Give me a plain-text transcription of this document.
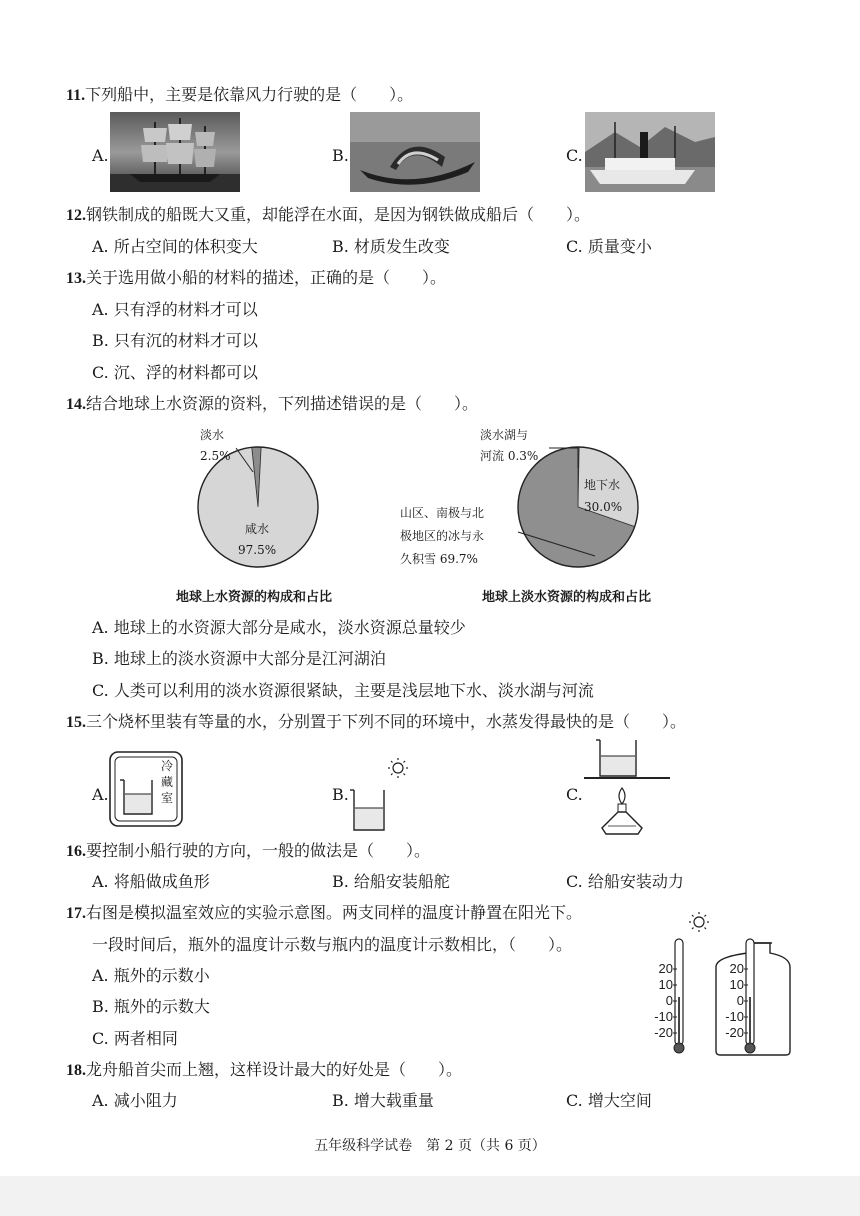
11.下列船中，主要是依靠风力行驶的是（　　）。
A.	B.	C.
12.钢铁制成的船既大又重，却能浮在水面，是因为钢铁做成船后（　　）。
A. 所占空间的体积变大	B. 材质发生改变	C. 质量变小
13.关于选用做小船的材料的描述，正确的是（　　）。
A. 只有浮的材料才可以
B. 只有沉的材料才可以
C. 沉、浮的材料都可以
14.结合地球上水资源的资料，下列描述错误的是（　　）。
淡水
2.5%
咸水
97.5%
淡水湖与
河流 0.3%
地下水
30.0%
山区、南极与北
极地区的冰与永
久积雪 69.7%
地球上水资源的构成和占比	地球上淡水资源的构成和占比
A. 地球上的水资源大部分是咸水，淡水资源总量较少
B. 地球上的淡水资源中大部分是江河湖泊
C. 人类可以利用的淡水资源很紧缺，主要是浅层地下水、淡水湖与河流
15.三个烧杯里装有等量的水，分别置于下列不同的环境中，水蒸发得最快的是（　　）。
A.
冷
藏
室	B.	C.
16.要控制小船行驶的方向，一般的做法是（　　）。
A. 将船做成鱼形	B. 给船安装船舵	C. 给船安装动力
17.右图是模拟温室效应的实验示意图。两支同样的温度计静置在阳光下。
一段时间后，瓶外的温度计示数与瓶内的温度计示数相比，（　　）。
A. 瓶外的示数小
B. 瓶外的示数大
C. 两者相同
20
10
0
-10
-20
20
10
0
-10
-20
18.龙舟船首尖而上翘，这样设计最大的好处是（　　）。
A. 减小阻力	B. 增大载重量	C. 增大空间
五年级科学试卷　第 2 页（共 6 页）
